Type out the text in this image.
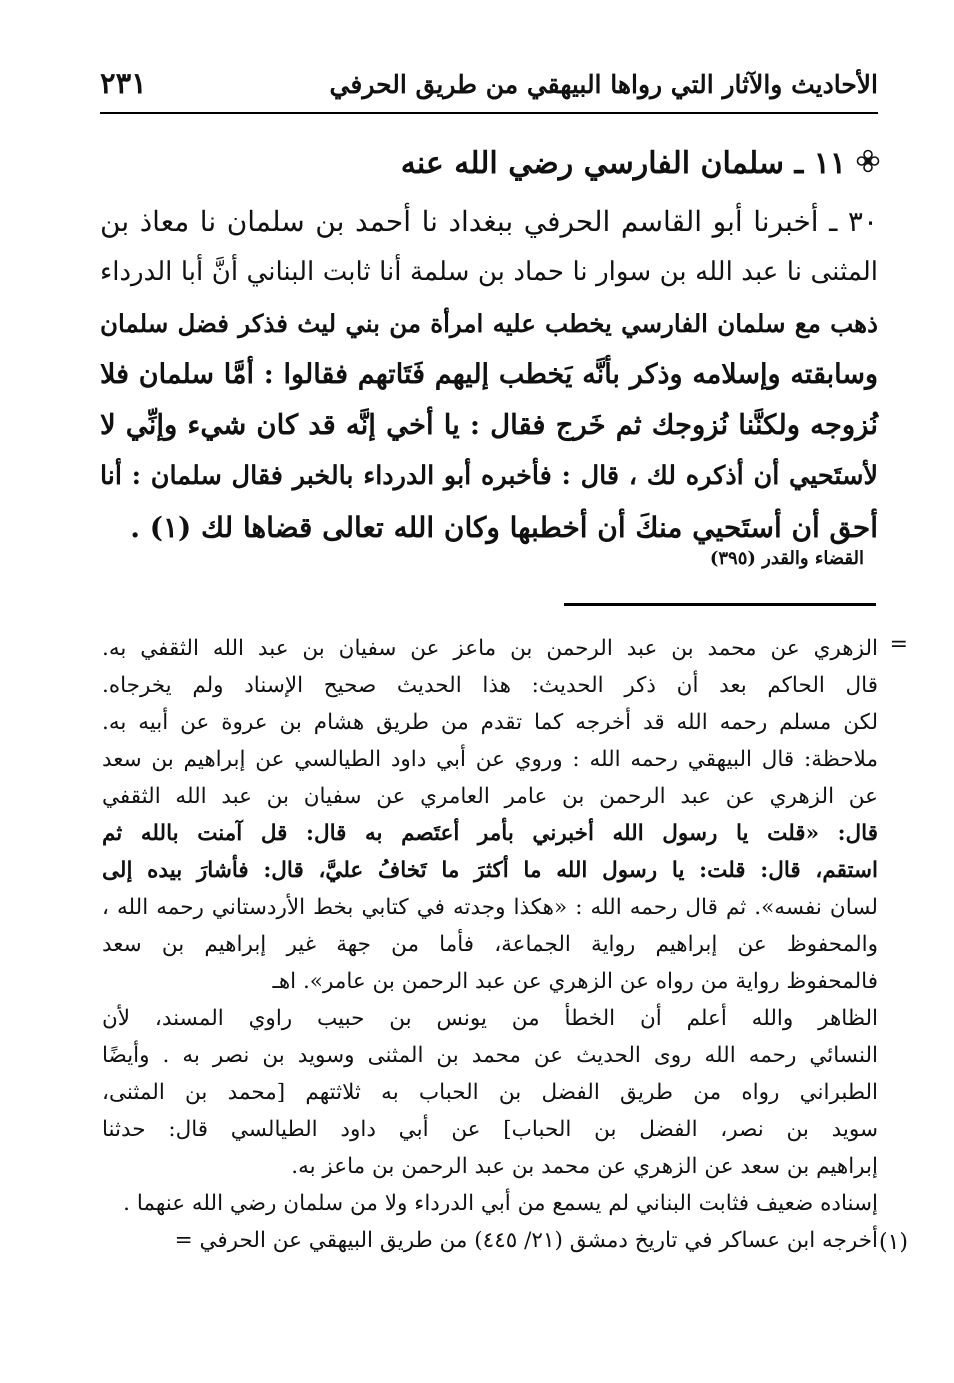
الأحاديث والآثار التي رواها البيهقي من طريق الحرفي
٢٣١
١١ ـ سلمان الفارسي رضي الله عنه
٣٠ ـ أخبرنا أبو القاسم الحرفي ببغداد نا أحمد بن سلمان نا معاذ بن
المثنى نا عبد الله بن سوار نا حماد بن سلمة أنا ثابت البناني أنَّ أبا الدرداء
ذهب مع سلمان الفارسي يخطب عليه امرأة من بني ليث فذكر فضل سلمان
وسابقته وإسلامه وذكر بأنَّه يَخطب إليهم فَتَاتهم فقالوا : أمَّا سلمان فلا
نُزوجه ولكنَّنا نُزوجك ثم خَرج فقال : يا أخي إنَّه قد كان شيء وإنِّي لا
لأستَحيي أن أذكره لك ، قال : فأخبره أبو الدرداء بالخبر فقال سلمان : أنا
أحق أن أستَحيي منكَ أن أخطبها وكان الله تعالى قضاها لك (١) .
القضاء والقدر (٣٩٥)
=
(١)
الزهري عن محمد بن عبد الرحمن بن ماعز عن سفيان بن عبد الله الثقفي به.
قال الحاكم بعد أن ذكر الحديث: هذا الحديث صحيح الإسناد ولم يخرجاه.
لكن مسلم رحمه الله قد أخرجه كما تقدم من طريق هشام بن عروة عن أبيه به.
ملاحظة: قال البيهقي رحمه الله : وروي عن أبي داود الطيالسي عن إبراهيم بن سعد
عن الزهري عن عبد الرحمن بن عامر العامري عن سفيان بن عبد الله الثقفي
قال: «قلت يا رسول الله أخبرني بأمر أعتَصم به قال: قل آمنت بالله ثم
استقم، قال: قلت: يا رسول الله ما أكثرَ ما تَخافُ عليَّ، قال: فأشارَ بيده إلى
لسان نفسه». ثم قال رحمه الله : «هكذا وجدته في كتابي بخط الأردستاني رحمه الله ،
والمحفوظ عن إبراهيم رواية الجماعة، فأما من جهة غير إبراهيم بن سعد
فالمحفوظ رواية من رواه عن الزهري عن عبد الرحمن بن عامر». اهـ
الظاهر والله أعلم أن الخطأ من يونس بن حبيب راوي المسند، لأن
النسائي رحمه الله روى الحديث عن محمد بن المثنى وسويد بن نصر به . وأيضًا
الطبراني رواه من طريق الفضل بن الحباب به ثلاثتهم [محمد بن المثنى،
سويد بن نصر، الفضل بن الحباب] عن أبي داود الطيالسي قال: حدثنا
إبراهيم بن سعد عن الزهري عن محمد بن عبد الرحمن بن ماعز به.
إسناده ضعيف فثابت البناني لم يسمع من أبي الدرداء ولا من سلمان رضي الله عنهما .
أخرجه ابن عساكر في تاريخ دمشق (٢١/ ٤٤٥) من طريق البيهقي عن الحرفي =
